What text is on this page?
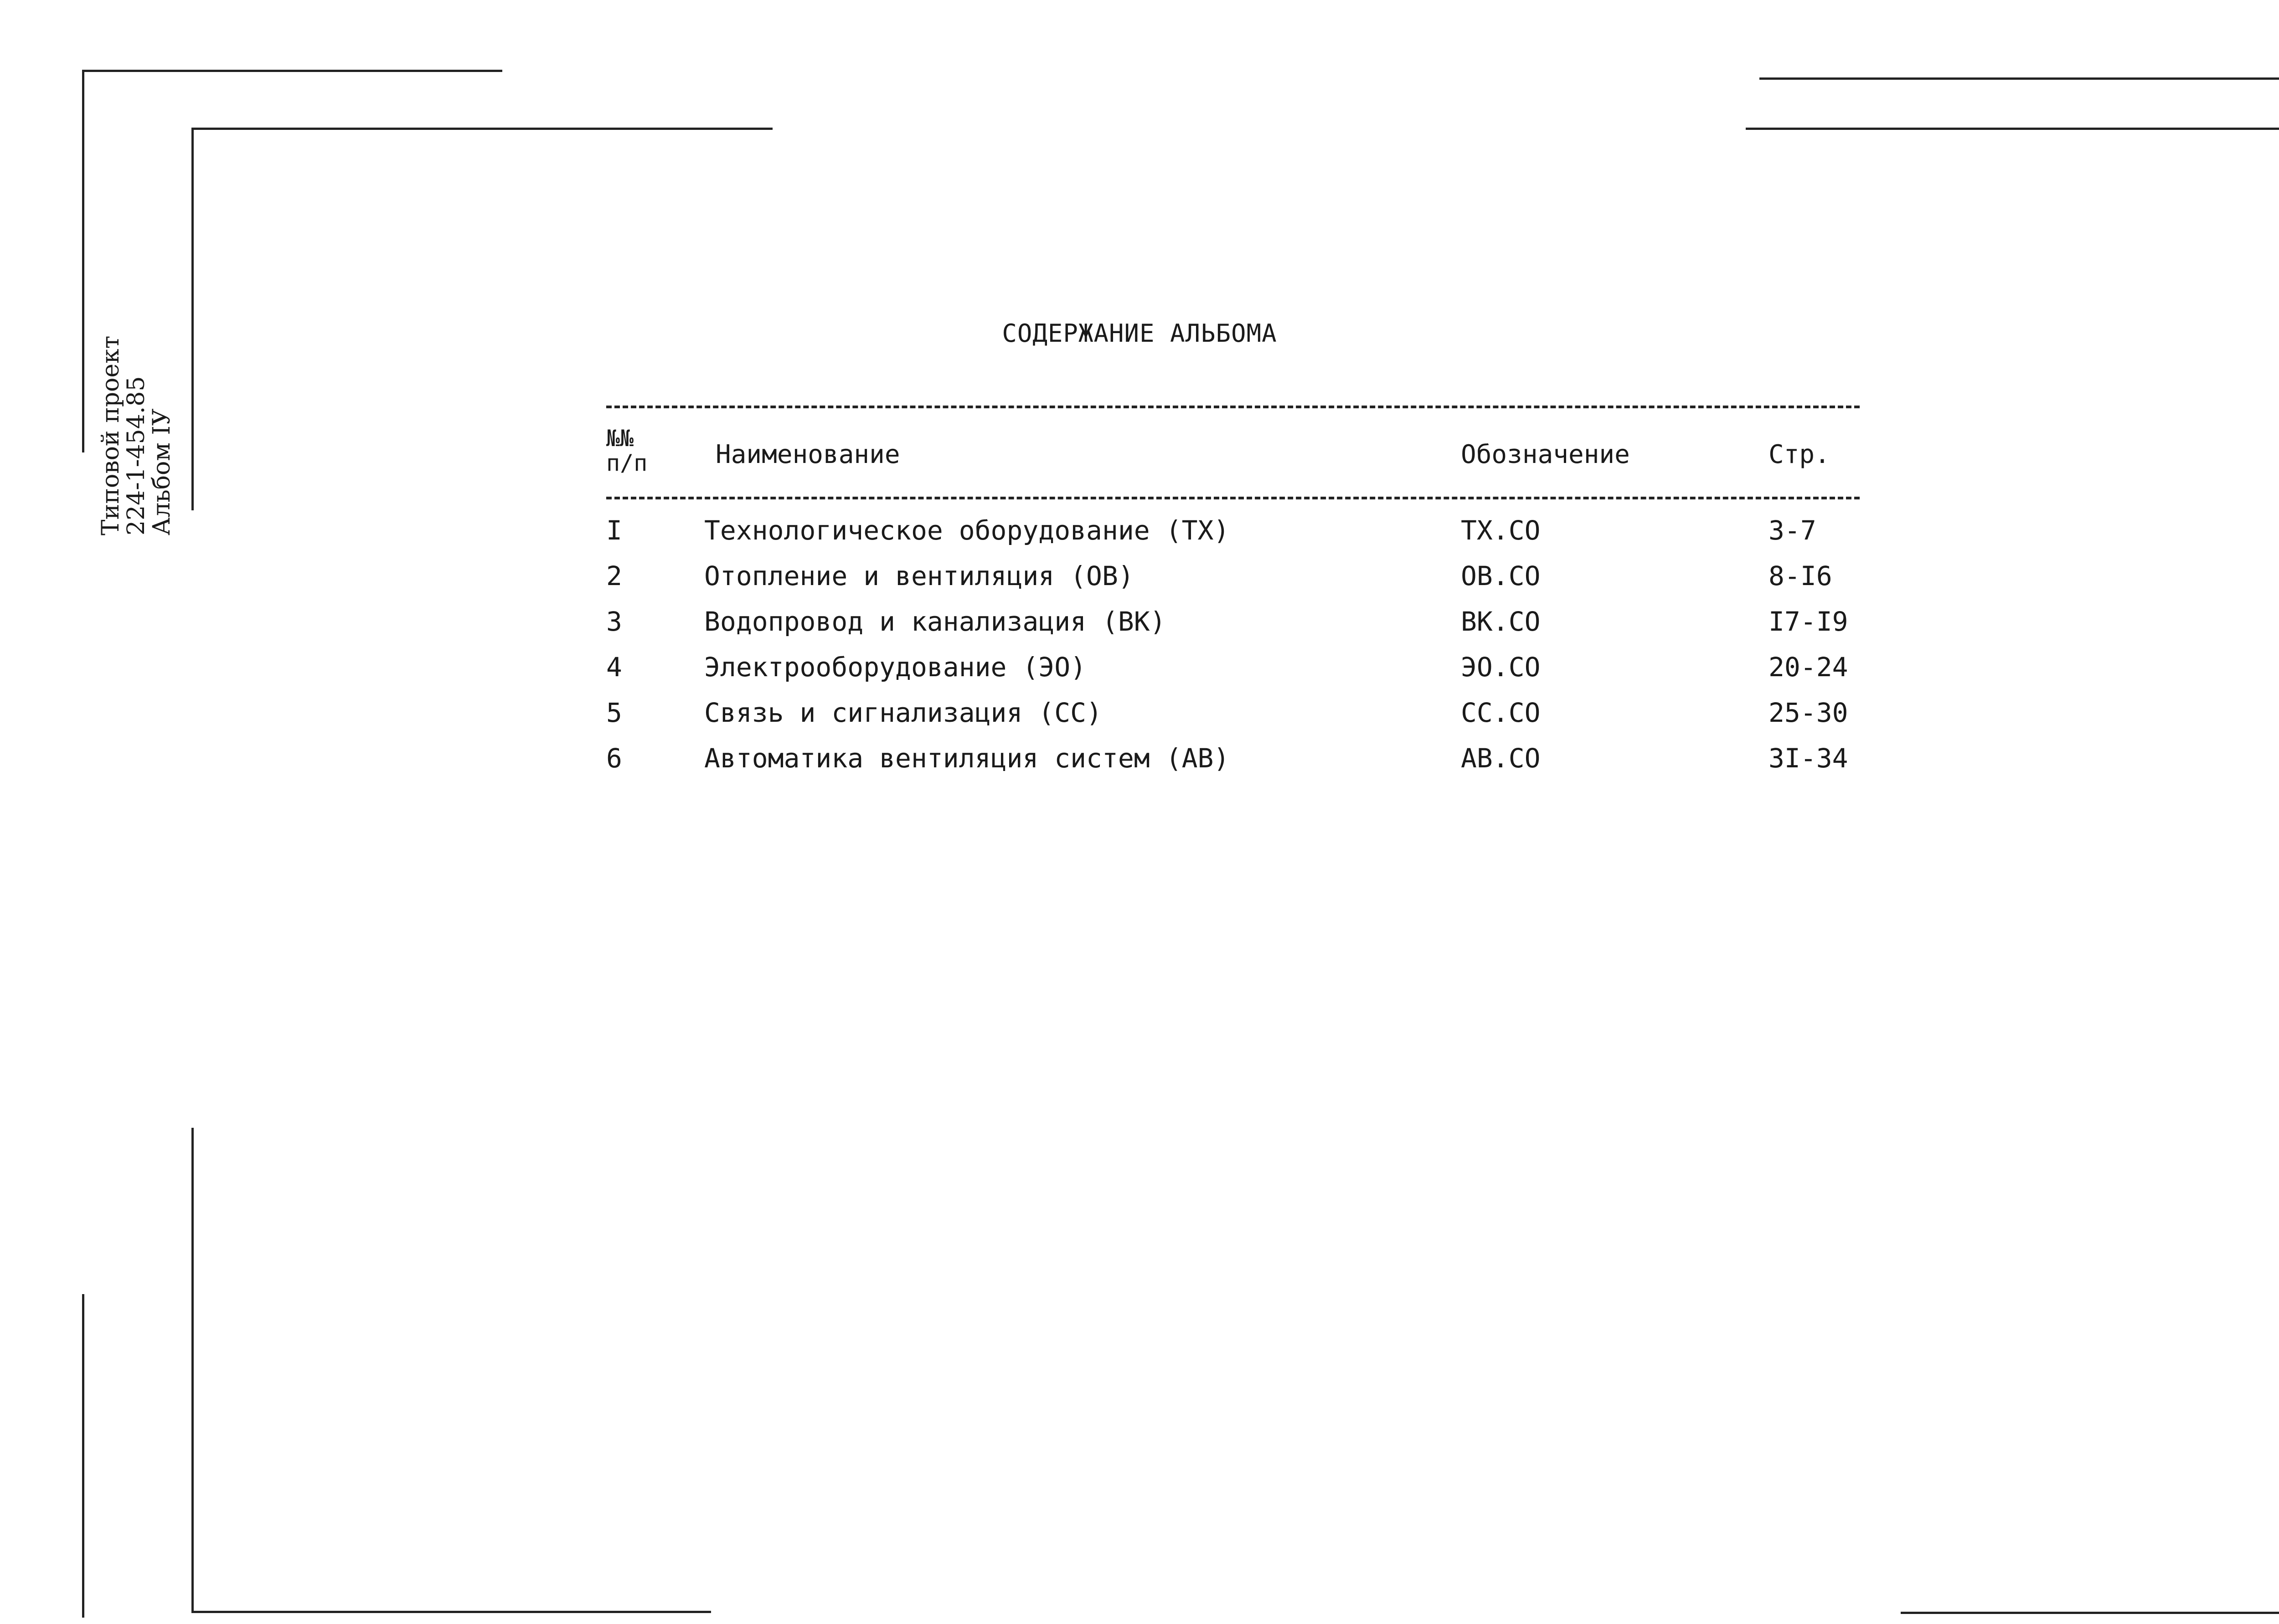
Типовой проект
224-1-454.85
Альбом IУ
СОДЕРЖАНИЕ АЛЬБОМА
№№
п/п	Наименование	Обозначение	Стр.
I	Технологическое оборудование (ТХ)	ТХ.СО	3-7
2	Отопление и вентиляция (ОВ)	ОВ.СО	8-I6
3	Водопровод и канализация (ВК)	ВК.СО	I7-I9
4	Электрооборудование (ЭО)	ЭО.СО	20-24
5	Связь и сигнализация (СС)	СС.СО	25-30
6	Автоматика вентиляция систем (АВ)	АВ.СО	3I-34
